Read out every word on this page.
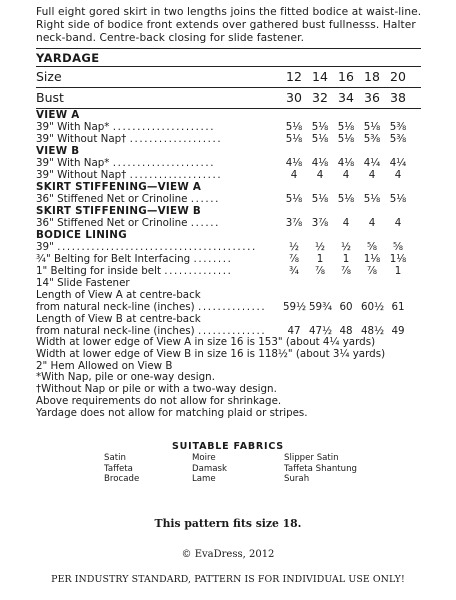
Full eight gored skirt in two lengths joins the fitted bodice at waist-line.
Right side of bodice front extends over gathered bust fullnesss. Halter
neck-band. Centre-back closing for slide fastener.
YARDAGE
Size	12 14 16 18 20
Bust	30 32 34 36 38
VIEW A
39" With Nap* .....................	5⅛ 5⅛ 5⅛ 5⅛ 5⅜
39" Without Nap† ...................	5⅛ 5⅛ 5⅛ 5⅜ 5⅜
VIEW B
39" With Nap* .....................	4⅛ 4⅛ 4⅛ 4¼ 4¼
39" Without Nap† ...................	4	4	4	4	4
SKIRT STIFFENING—VIEW A
36" Stiffened Net or Crinoline ......	5⅛ 5⅛ 5⅛ 5⅛ 5⅛
SKIRT STIFFENING—VIEW B
36" Stiffened Net or Crinoline ......	3⅞ 3⅞	4	4	4
BODICE LINING
39" .........................................	½	½	½	⅝	⅝
¾" Belting for Belt Interfacing ........	⅞	1	1	1⅛ 1⅛
1" Belting for inside belt ..............	¾	⅞	⅞	⅞	1
14" Slide Fastener
Length of View A at centre-back
from natural neck-line (inches) .............. 59½ 59¾ 60 60½ 61
Length of View B at centre-back
from natural neck-line (inches) ..............	47 47½ 48 48½ 49
Width at lower edge of View A in size 16 is 153" (about 4¼ yards)
Width at lower edge of View B in size 16 is 118½" (about 3¼ yards)
2" Hem Allowed on View B
*With Nap, pile or one-way design.
†Without Nap or pile or with a two-way design.
Above requirements do not allow for shrinkage.
Yardage does not allow for matching plaid or stripes.
SUITABLE FABRICS
Satin
Taffeta
Brocade
Moire
Damask
Lame
Slipper Satin
Taffeta Shantung
Surah
This pattern fits size 18.
© EvaDress, 2012
PER INDUSTRY STANDARD, PATTERN IS FOR INDIVIDUAL USE ONLY!
